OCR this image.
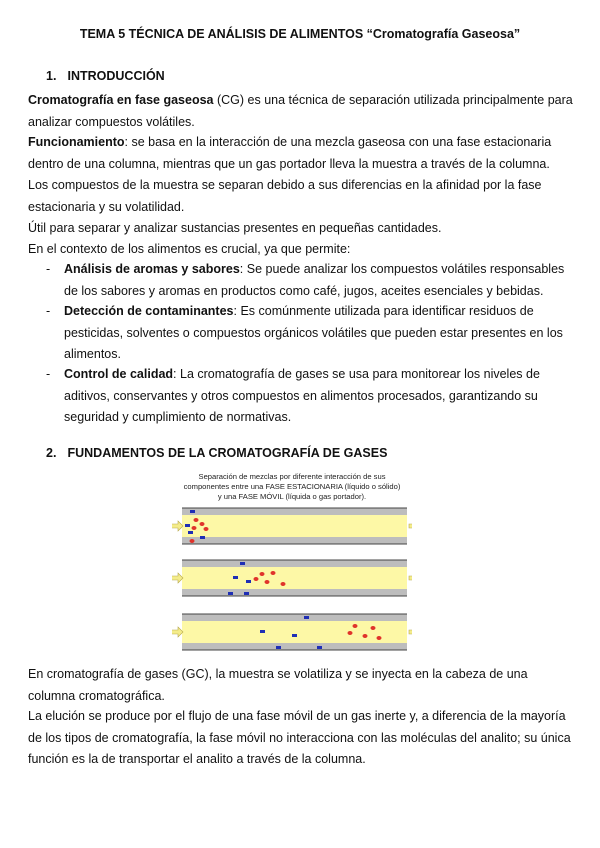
TEMA 5 TÉCNICA DE ANÁLISIS DE ALIMENTOS “Cromatografía Gaseosa”
1. INTRODUCCIÓN
Cromatografía en fase gaseosa (CG) es una técnica de separación utilizada principalmente para analizar compuestos volátiles.
Funcionamiento: se basa en la interacción de una mezcla gaseosa con una fase estacionaria dentro de una columna, mientras que un gas portador lleva la muestra a través de la columna.
Los compuestos de la muestra se separan debido a sus diferencias en la afinidad por la fase estacionaria y su volatilidad.
Útil para separar y analizar sustancias presentes en pequeñas cantidades.
En el contexto de los alimentos es crucial, ya que permite:
- Análisis de aromas y sabores: Se puede analizar los compuestos volátiles responsables de los sabores y aromas en productos como café, jugos, aceites esenciales y bebidas.
- Detección de contaminantes: Es comúnmente utilizada para identificar residuos de pesticidas, solventes o compuestos orgánicos volátiles que pueden estar presentes en los alimentos.
- Control de calidad: La cromatografía de gases se usa para monitorear los niveles de aditivos, conservantes y otros compuestos en alimentos procesados, garantizando su seguridad y cumplimiento de normativas.
2. FUNDAMENTOS DE LA CROMATOGRAFÍA DE GASES
Separación de mezclas por diferente interacción de sus
componentes entre una FASE ESTACIONARIA (líquido o sólido)
y una FASE MÓVIL (líquida o gas portador).
En cromatografía de gases (GC), la muestra se volatiliza y se inyecta en la cabeza de una columna cromatográfica.
La elución se produce por el flujo de una fase móvil de un gas inerte y, a diferencia de la mayoría de los tipos de cromatografía, la fase móvil no interacciona con las moléculas del analito; su única función es la de transportar el analito a través de la columna.
